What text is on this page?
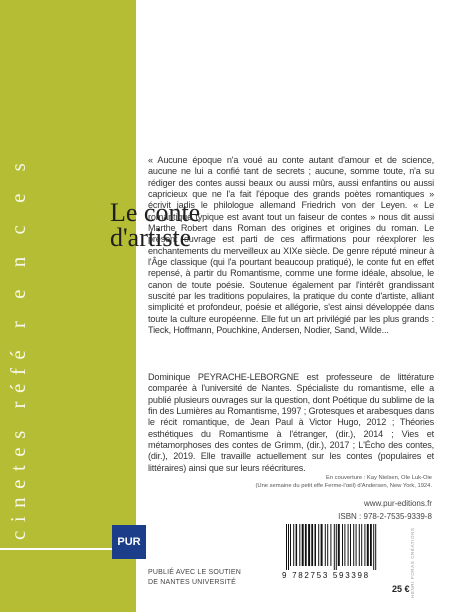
cinetes réfé r e n c e s	Le conte
d'artiste

« Aucune époque n'a voué au conte autant d'amour et de science, aucune ne lui a confié tant de secrets ; aucune, somme toute, n'a su rédiger des contes aussi beaux ou aussi mûrs, aussi enfantins ou aussi capricieux que ne l'a fait l'époque des grands poètes romantiques » écrivit jadis le philologue allemand Friedrich von der Leyen. « Le romantique typique est avant tout un faiseur de contes » nous dit aussi Marthe Robert dans Roman des origines et origines du roman. Le présent ouvrage est parti de ces affirmations pour réexplorer les enchantements du merveilleux au XIXe siècle. De genre réputé mineur à l'Âge classique (qui l'a pourtant beaucoup pratiqué), le conte fut en effet repensé, à partir du Romantisme, comme une forme idéale, absolue, le canon de toute poésie. Soutenue également par l'intérêt grandissant suscité par les traditions populaires, la pratique du conte d'artiste, alliant simplicité et profondeur, poésie et allégorie, s'est ainsi développée dans toute la culture européenne. Elle fut un art privilégié par les plus grands : Tieck, Hoffmann, Pouchkine, Andersen, Nodier, Sand, Wilde...

Dominique PEYRACHE-LEBORGNE est professeure de littérature comparée à l'université de Nantes. Spécialiste du romantisme, elle a publié plusieurs ouvrages sur la question, dont Poétique du sublime de la fin des Lumières au Romantisme, 1997 ; Grotesques et arabesques dans le récit romantique, de Jean Paul à Victor Hugo, 2012 ; Théories esthétiques du Romantisme à l'étranger, (dir.), 2014 ; Vies et métamorphoses des contes de Grimm, (dir.), 2017 ; L'Écho des contes, (dir.), 2019. Elle travaille actuellement sur les contes (populaires et littéraires) ainsi que sur leurs réécritures.

En couverture : Kay Nielsen, Ole Luk-Oie
(Une semaine du petit elfe Ferme-l'œil) d'Andersen, New York, 1924.
www.pur-editions.fr
ISBN : 978-2-7535-9339-8
HENRI FORAS CRÉATIONS
PUR
PUBLIÉ AVEC LE SOUTIEN
DE NANTES UNIVERSITÉ
9 782753 593398
25 €
